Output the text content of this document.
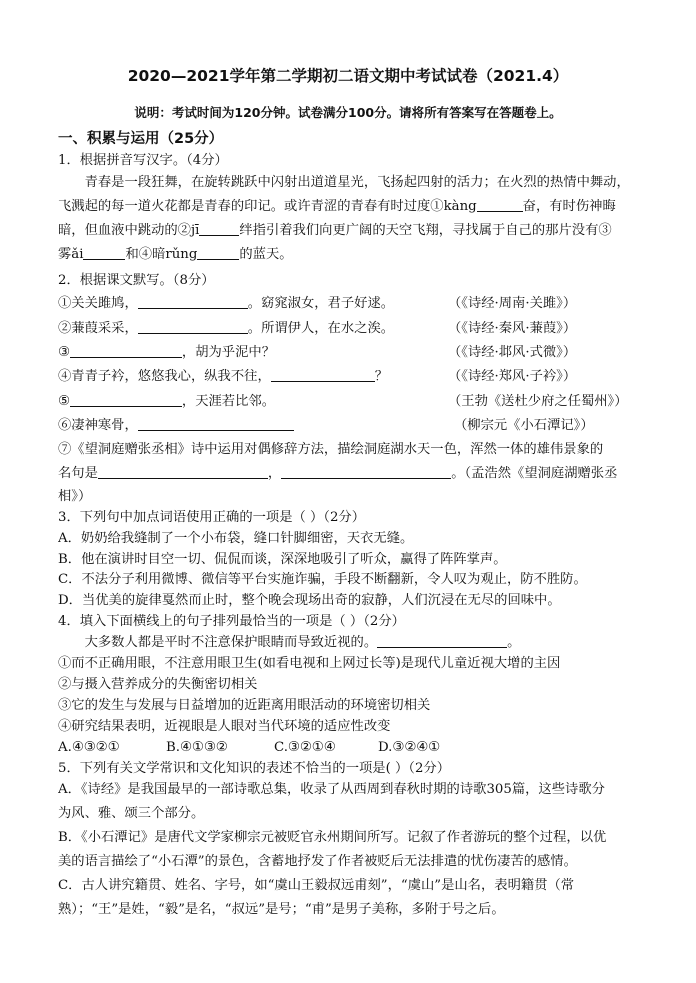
2020—2021学年第二学期初二语文期中考试试卷（2021.4）
说明：考试时间为120分钟。试卷满分100分。请将所有答案写在答题卷上。
一、积累与运用（25分）
1．根据拼音写汉字。（4分）
青春是一段狂舞，在旋转跳跃中闪射出道道星光，飞扬起四射的活力；在火烈的热情中舞动，
飞溅起的每一道火花都是青春的印记。或许青涩的青春有时过度①kàng	奋，有时伤神晦
暗，但血液中跳动的②jī	绊指引着我们向更广阔的天空飞翔，寻找属于自己的那片没有③
雾ǎi	和④暗rǔng	的蓝天。
2．根据课文默写。（8分）
①关关雎鸠，	。窈窕淑女，君子好逑。	（《诗经·周南·关雎》）
②蒹葭采采，	。所谓伊人，在水之涘。	（《诗经·秦风·蒹葭》）
③	，胡为乎泥中？	（《诗经·邶风·式微》）
④青青子衿，悠悠我心，纵我不往，	？	（《诗经·郑风·子衿》）
⑤	，天涯若比邻。	（王勃《送杜少府之任蜀州》）
⑥凄神寒骨，	（柳宗元《小石潭记》）
⑦《望洞庭赠张丞相》诗中运用对偶修辞方法，描绘洞庭湖水天一色，浑然一体的雄伟景象的
名句是	，	。（孟浩然《望洞庭湖赠张丞
相》）
3．下列句中加点词语使用正确的一项是（ ）（2分）
A．奶奶给我缝制了一个小布袋，缝口针脚细密，天衣无缝。
B．他在演讲时目空一切、侃侃而谈，深深地吸引了听众，赢得了阵阵掌声。
C．不法分子利用微博、微信等平台实施诈骗，手段不断翻新，令人叹为观止，防不胜防。
D．当优美的旋律戛然而止时，整个晚会现场出奇的寂静，人们沉浸在无尽的回味中。
4．填入下面横线上的句子排列最恰当的一项是（ ）（2分）
大多数人都是平时不注意保护眼睛而导致近视的。	。
①而不正确用眼，不注意用眼卫生(如看电视和上网过长等)是现代儿童近视大增的主因
②与摄入营养成分的失衡密切相关
③它的发生与发展与日益增加的近距离用眼活动的环境密切相关
④研究结果表明，近视眼是人眼对当代环境的适应性改变
A.④③②①	B.④①③②	C.③②①④	D.③②④①
5．下列有关文学常识和文化知识的表述不恰当的一项是( ）（2分）
A．《诗经》是我国最早的一部诗歌总集，收录了从西周到春秋时期的诗歌305篇，这些诗歌分
为风、雅、颂三个部分。
B．《小石潭记》是唐代文学家柳宗元被贬官永州期间所写。记叙了作者游玩的整个过程，以优
美的语言描绘了“小石潭”的景色，含蓄地抒发了作者被贬后无法排遣的忧伤凄苦的感情。
C．古人讲究籍贯、姓名、字号，如“虞山王毅叔远甫刻”，“虞山”是山名，表明籍贯（常
熟）；“王”是姓，“毅”是名，“叔远”是号；“甫”是男子美称，多附于号之后。
